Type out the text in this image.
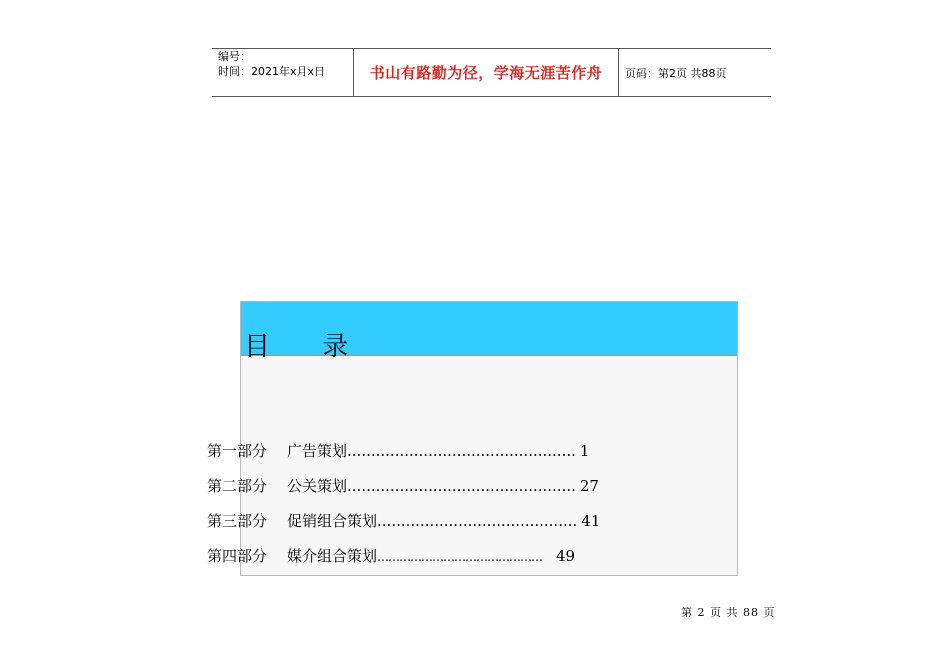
编号：
时间：2021年x月x日	书山有路勤为径，学海无涯苦作舟	页码：第2页 共88页
目 录
第一部分 广告策划................................................1
第二部分 公关策划................................................ 27
第三部分 促销组合策划.......................................... 41
第四部分 媒介组合策划……………………………………… 49
第 2 页 共 88 页
